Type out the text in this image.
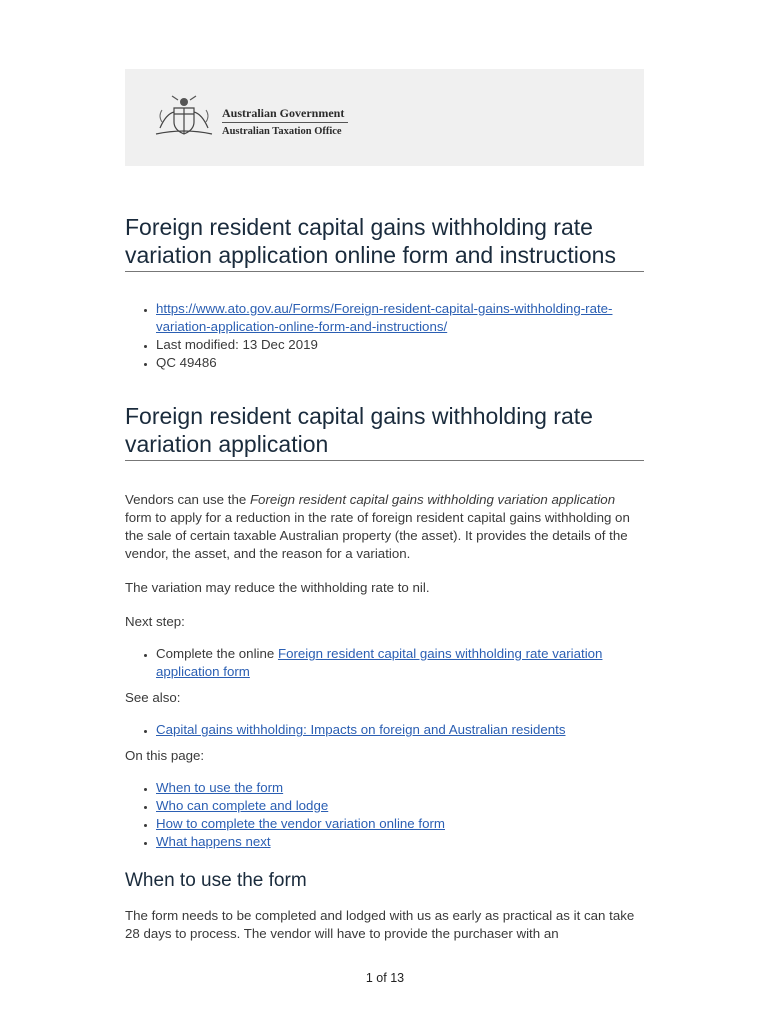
Australian Government
Australian Taxation Office
Foreign resident capital gains withholding rate variation application online form and instructions
• https://www.ato.gov.au/Forms/Foreign-resident-capital-gains-withholding-rate-variation-application-online-form-and-instructions/
• Last modified: 13 Dec 2019
• QC 49486
Foreign resident capital gains withholding rate variation application

Vendors can use the Foreign resident capital gains withholding variation application form to apply for a reduction in the rate of foreign resident capital gains withholding on the sale of certain taxable Australian property (the asset). It provides the details of the vendor, the asset, and the reason for a variation.

The variation may reduce the withholding rate to nil.

Next step:

• Complete the online Foreign resident capital gains withholding rate variation application form

See also:

• Capital gains withholding: Impacts on foreign and Australian residents

On this page:

• When to use the form
• Who can complete and lodge
• How to complete the vendor variation online form
• What happens next
When to use the form

The form needs to be completed and lodged with us as early as practical as it can take 28 days to process. The vendor will have to provide the purchaser with an

1 of 13
